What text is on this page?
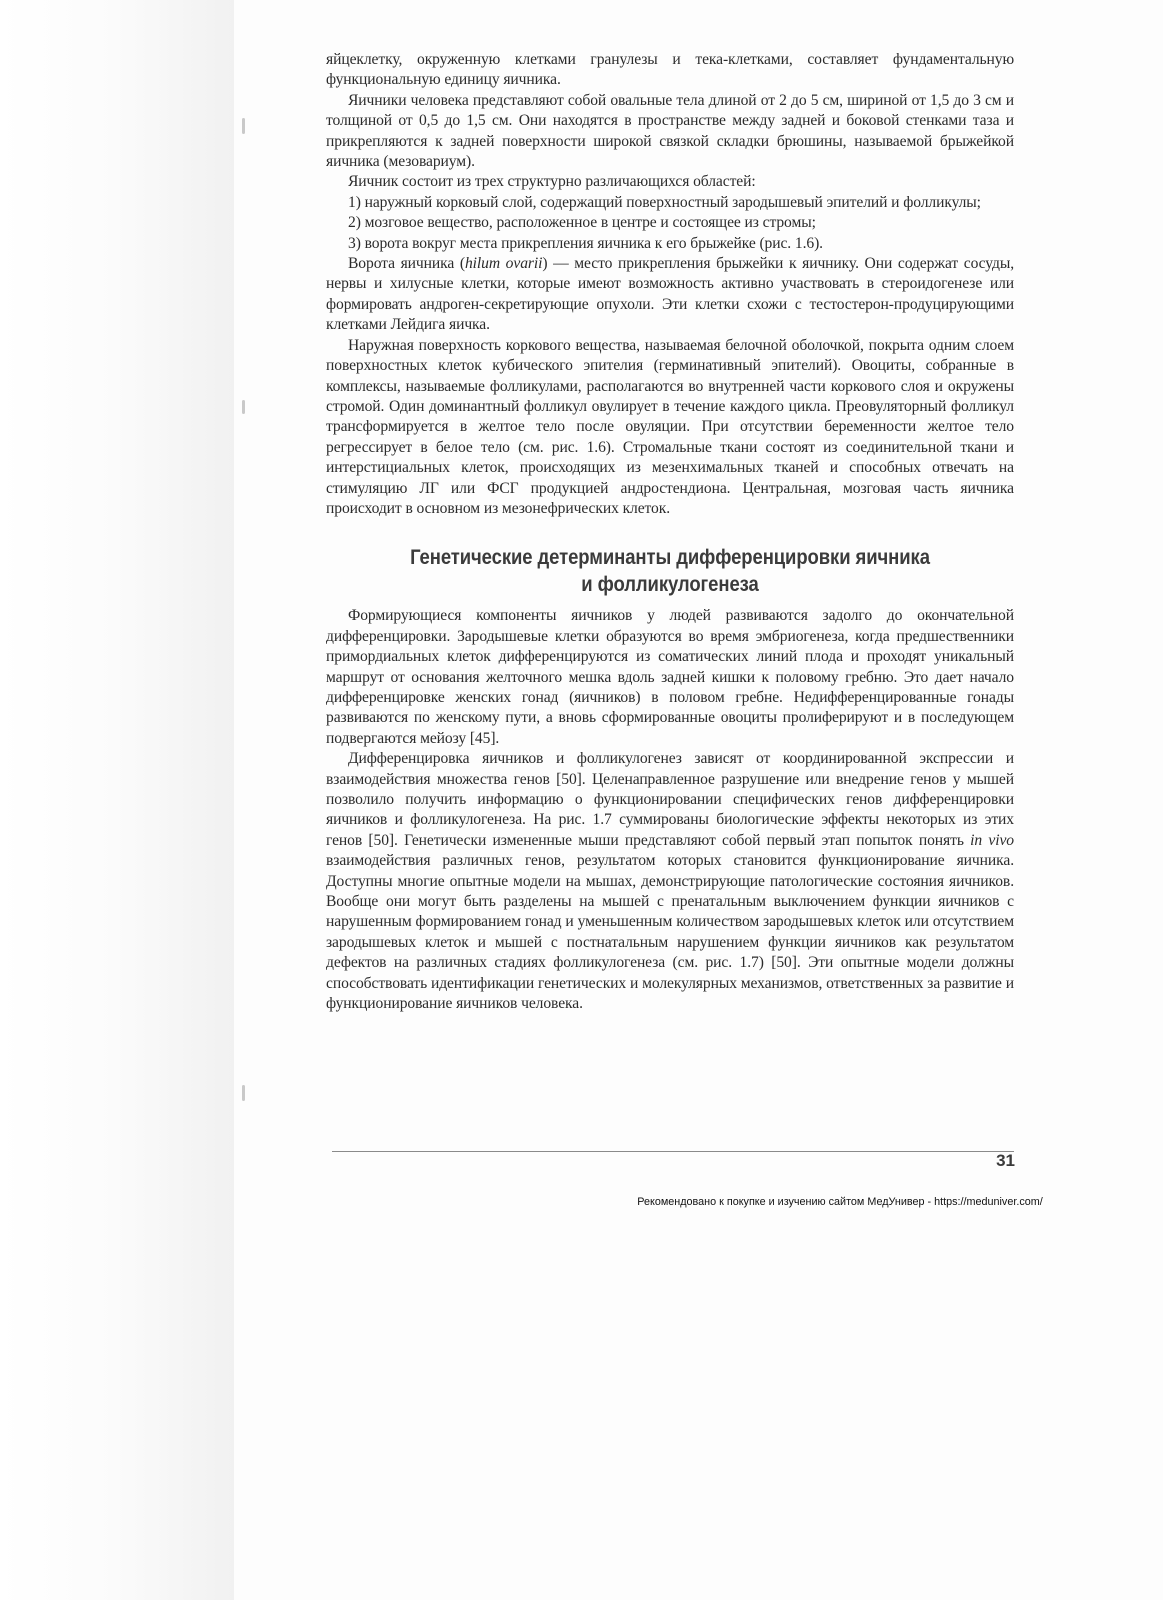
яйцеклетку, окруженную клетками гранулезы и тека-клетками, составляет фундаментальную функциональную единицу яичника.

Яичники человека представляют собой овальные тела длиной от 2 до 5 см, шириной от 1,5 до 3 см и толщиной от 0,5 до 1,5 см. Они находятся в пространстве между задней и боковой стенками таза и прикрепляются к задней поверхности широкой связкой складки брюшины, называемой брыжейкой яичника (мезовариум).

Яичник состоит из трех структурно различающихся областей:

1) наружный корковый слой, содержащий поверхностный зародышевый эпителий и фолликулы;

2) мозговое вещество, расположенное в центре и состоящее из стромы;

3) ворота вокруг места прикрепления яичника к его брыжейке (рис. 1.6).

Ворота яичника (hilum ovarii) — место прикрепления брыжейки к яичнику. Они содержат сосуды, нервы и хилусные клетки, которые имеют возможность активно участвовать в стероидогенезе или формировать андроген-секретирующие опухоли. Эти клетки схожи с тестостерон-продуцирующими клетками Лейдига яичка.

Наружная поверхность коркового вещества, называемая белочной оболочкой, покрыта одним слоем поверхностных клеток кубического эпителия (герминативный эпителий). Овоциты, собранные в комплексы, называемые фолликулами, располагаются во внутренней части коркового слоя и окружены стромой. Один доминантный фолликул овулирует в течение каждого цикла. Преовуляторный фолликул трансформируется в желтое тело после овуляции. При отсутствии беременности желтое тело регрессирует в белое тело (см. рис. 1.6). Стромальные ткани состоят из соединительной ткани и интерстициальных клеток, происходящих из мезенхимальных тканей и способных отвечать на стимуляцию ЛГ или ФСГ продукцией андростендиона. Центральная, мозговая часть яичника происходит в основном из мезонефрических клеток.

Генетические детерминанты дифференцировки яичника
и фолликулогенеза

Формирующиеся компоненты яичников у людей развиваются задолго до окончательной дифференцировки. Зародышевые клетки образуются во время эмбриогенеза, когда предшественники примордиальных клеток дифференцируются из соматических линий плода и проходят уникальный маршрут от основания желточного мешка вдоль задней кишки к половому гребню. Это дает начало дифференцировке женских гонад (яичников) в половом гребне. Недифференцированные гонады развиваются по женскому пути, а вновь сформированные овоциты пролиферируют и в последующем подвергаются мейозу [45].

Дифференцировка яичников и фолликулогенез зависят от координированной экспрессии и взаимодействия множества генов [50]. Целенаправленное разрушение или внедрение генов у мышей позволило получить информацию о функционировании специфических генов дифференцировки яичников и фолликулогенеза. На рис. 1.7 суммированы биологические эффекты некоторых из этих генов [50]. Генетически измененные мыши представляют собой первый этап попыток понять in vivo взаимодействия различных генов, результатом которых становится функционирование яичника. Доступны многие опытные модели на мышах, демонстрирующие патологические состояния яичников. Вообще они могут быть разделены на мышей с пренатальным выключением функции яичников с нарушенным формированием гонад и уменьшенным количеством зародышевых клеток или отсутствием зародышевых клеток и мышей с постнатальным нарушением функции яичников как результатом дефектов на различных стадиях фолликулогенеза (см. рис. 1.7) [50]. Эти опытные модели должны способствовать идентификации генетических и молекулярных механизмов, ответственных за развитие и функционирование яичников человека.

31
Рекомендовано к покупке и изучению сайтом МедУнивер - https://meduniver.com/
